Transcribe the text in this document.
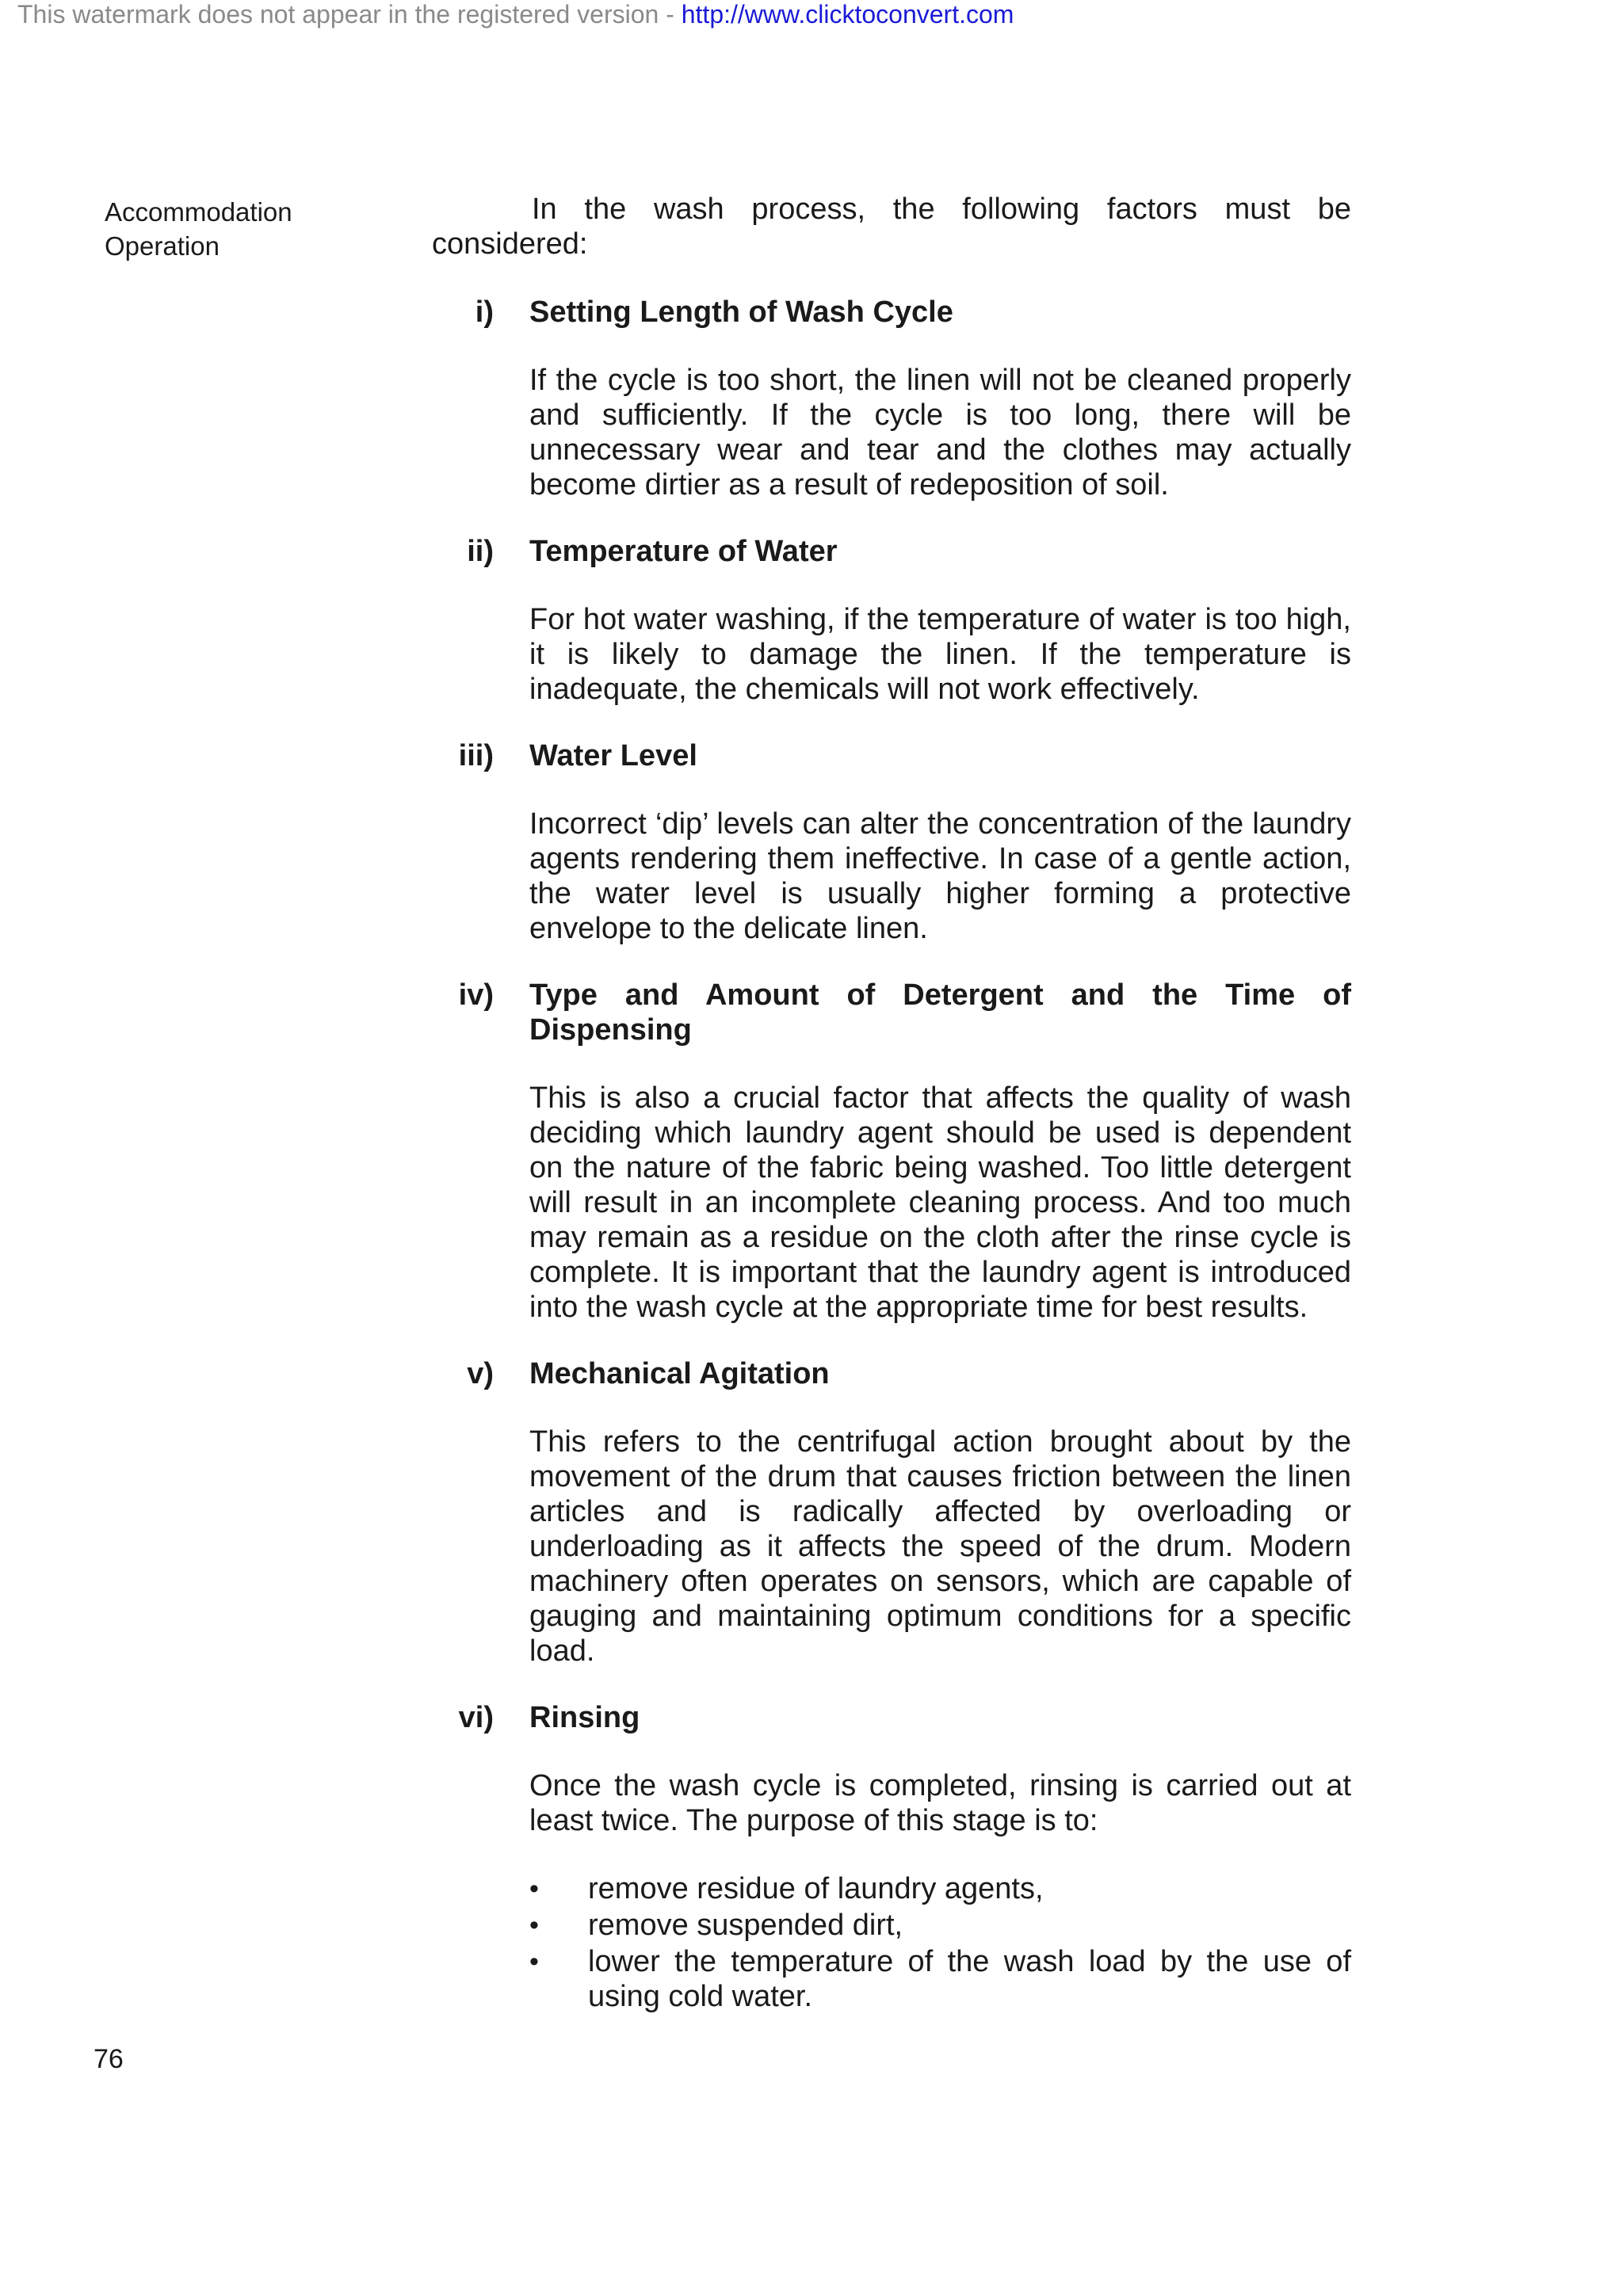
This watermark does not appear in the registered version - http://www.clicktoconvert.com
Accommodation
Operation

In the wash process, the following factors must be considered:

i) Setting Length of Wash Cycle

If the cycle is too short, the linen will not be cleaned properly and sufficiently. If the cycle is too long, there will be unnecessary wear and tear and the clothes may actually become dirtier as a result of redeposition of soil.

ii) Temperature of Water

For hot water washing, if the temperature of water is too high, it is likely to damage the linen. If the temperature is inadequate, the chemicals will not work effectively.

iii) Water Level

Incorrect ‘dip’ levels can alter the concentration of the laundry agents rendering them ineffective. In case of a gentle action, the water level is usually higher forming a protective envelope to the delicate linen.

iv) Type and Amount of Detergent and the Time of Dispensing

This is also a crucial factor that affects the quality of wash deciding which laundry agent should be used is dependent on the nature of the fabric being washed. Too little detergent will result in an incomplete cleaning process. And too much may remain as a residue on the cloth after the rinse cycle is complete. It is important that the laundry agent is introduced into the wash cycle at the appropriate time for best results.

v) Mechanical Agitation

This refers to the centrifugal action brought about by the movement of the drum that causes friction between the linen articles and is radically affected by overloading or underloading as it affects the speed of the drum. Modern machinery often operates on sensors, which are capable of gauging and maintaining optimum conditions for a specific load.

vi) Rinsing

Once the wash cycle is completed, rinsing is carried out at least twice. The purpose of this stage is to:

• remove residue of laundry agents,
• remove suspended dirt,
• lower the temperature of the wash load by the use of using cold water.
76
